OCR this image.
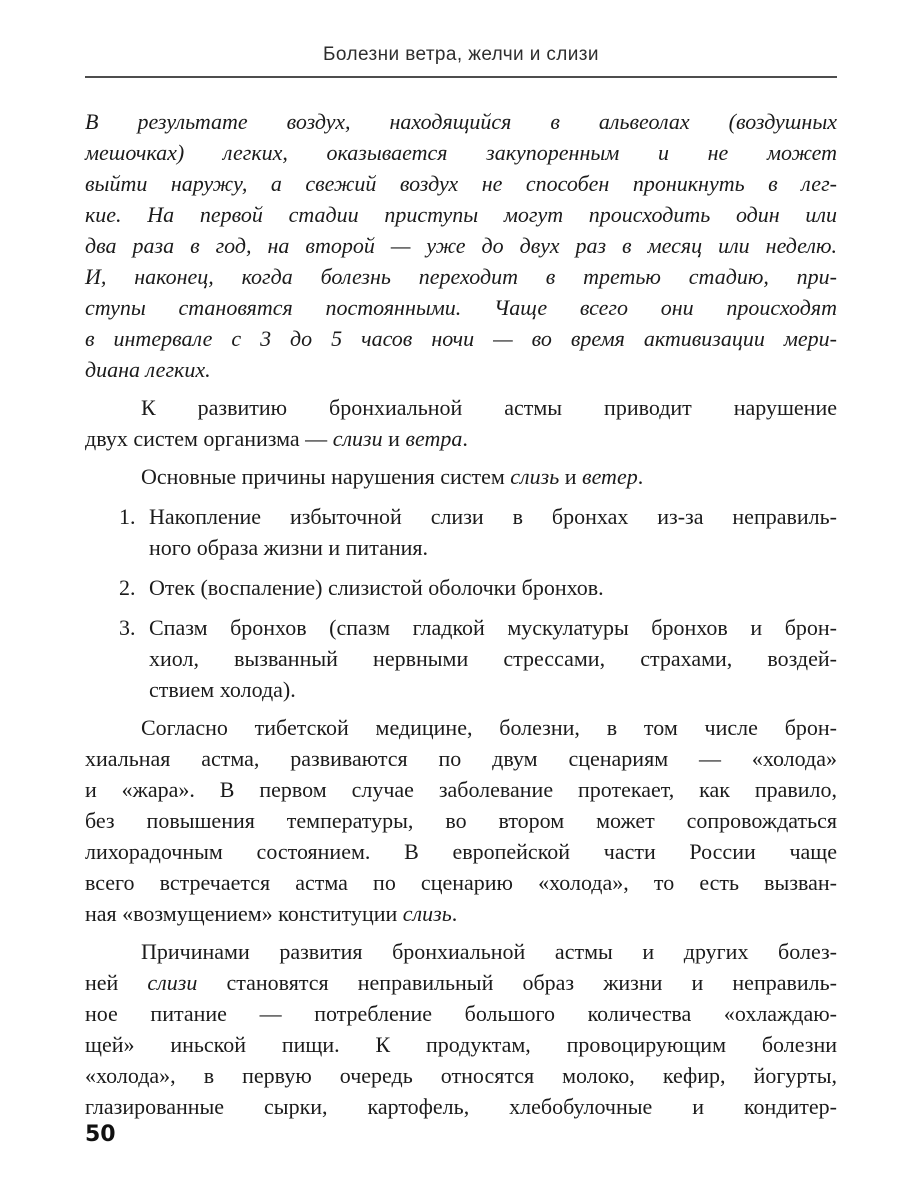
Болезни ветра, желчи и слизи
В результате воздух, находящийся в альвеолах (воздушных
мешочках) легких, оказывается закупоренным и не может
выйти наружу, а свежий воздух не способен проникнуть в лег-
кие. На первой стадии приступы могут происходить один или
два раза в год, на второй — уже до двух раз в месяц или неделю.
И, наконец, когда болезнь переходит в третью стадию, при-
ступы становятся постоянными. Чаще всего они происходят
в интервале с 3 до 5 часов ночи — во время активизации мери-
диана легких.
К развитию бронхиальной астмы приводит нарушение
двух систем организма — слизи и ветра.
Основные причины нарушения систем слизь и ветер.
1. Накопление избыточной слизи в бронхах из-за неправиль-
ного образа жизни и питания.
2. Отек (воспаление) слизистой оболочки бронхов.
3. Спазм бронхов (спазм гладкой мускулатуры бронхов и брон-
хиол, вызванный нервными стрессами, страхами, воздей-
ствием холода).
Согласно тибетской медицине, болезни, в том числе брон-
хиальная астма, развиваются по двум сценариям — «холода»
и «жара». В первом случае заболевание протекает, как правило,
без повышения температуры, во втором может сопровождаться
лихорадочным состоянием. В европейской части России чаще
всего встречается астма по сценарию «холода», то есть вызван-
ная «возмущением» конституции слизь.
Причинами развития бронхиальной астмы и других болез-
ней слизи становятся неправильный образ жизни и неправиль-
ное питание — потребление большого количества «охлаждаю-
щей» иньской пищи. К продуктам, провоцирующим болезни
«холода», в первую очередь относятся молоко, кефир, йогурты,
глазированные сырки, картофель, хлебобулочные и кондитер-
50
